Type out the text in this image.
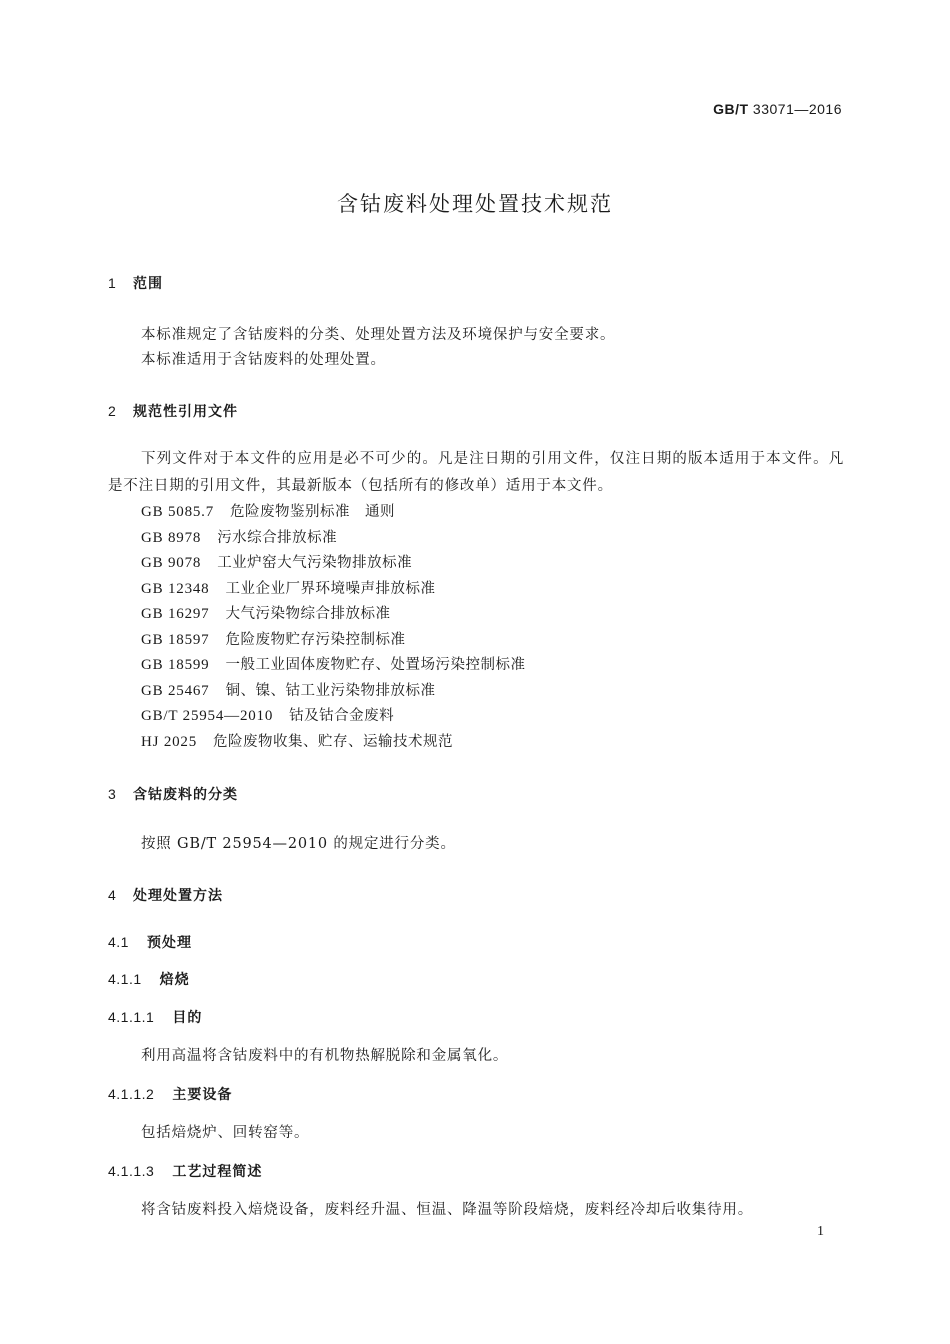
GB/T 33071—2016
含钴废料处理处置技术规范
1 范围
本标准规定了含钴废料的分类、处理处置方法及环境保护与安全要求。
本标准适用于含钴废料的处理处置。
2 规范性引用文件
下列文件对于本文件的应用是必不可少的。凡是注日期的引用文件，仅注日期的版本适用于本文件。凡是不注日期的引用文件，其最新版本（包括所有的修改单）适用于本文件。
GB 5085.7 危险废物鉴别标准　通则
GB 8978 污水综合排放标准
GB 9078 工业炉窑大气污染物排放标准
GB 12348 工业企业厂界环境噪声排放标准
GB 16297 大气污染物综合排放标准
GB 18597 危险废物贮存污染控制标准
GB 18599 一般工业固体废物贮存、处置场污染控制标准
GB 25467 铜、镍、钴工业污染物排放标准
GB/T 25954—2010 钴及钴合金废料
HJ 2025 危险废物收集、贮存、运输技术规范
3 含钴废料的分类
按照 GB/T 25954—2010 的规定进行分类。
4 处理处置方法
4.1 预处理
4.1.1 焙烧
4.1.1.1 目的
利用高温将含钴废料中的有机物热解脱除和金属氧化。
4.1.1.2 主要设备
包括焙烧炉、回转窑等。
4.1.1.3 工艺过程简述
将含钴废料投入焙烧设备，废料经升温、恒温、降温等阶段焙烧，废料经冷却后收集待用。
1
